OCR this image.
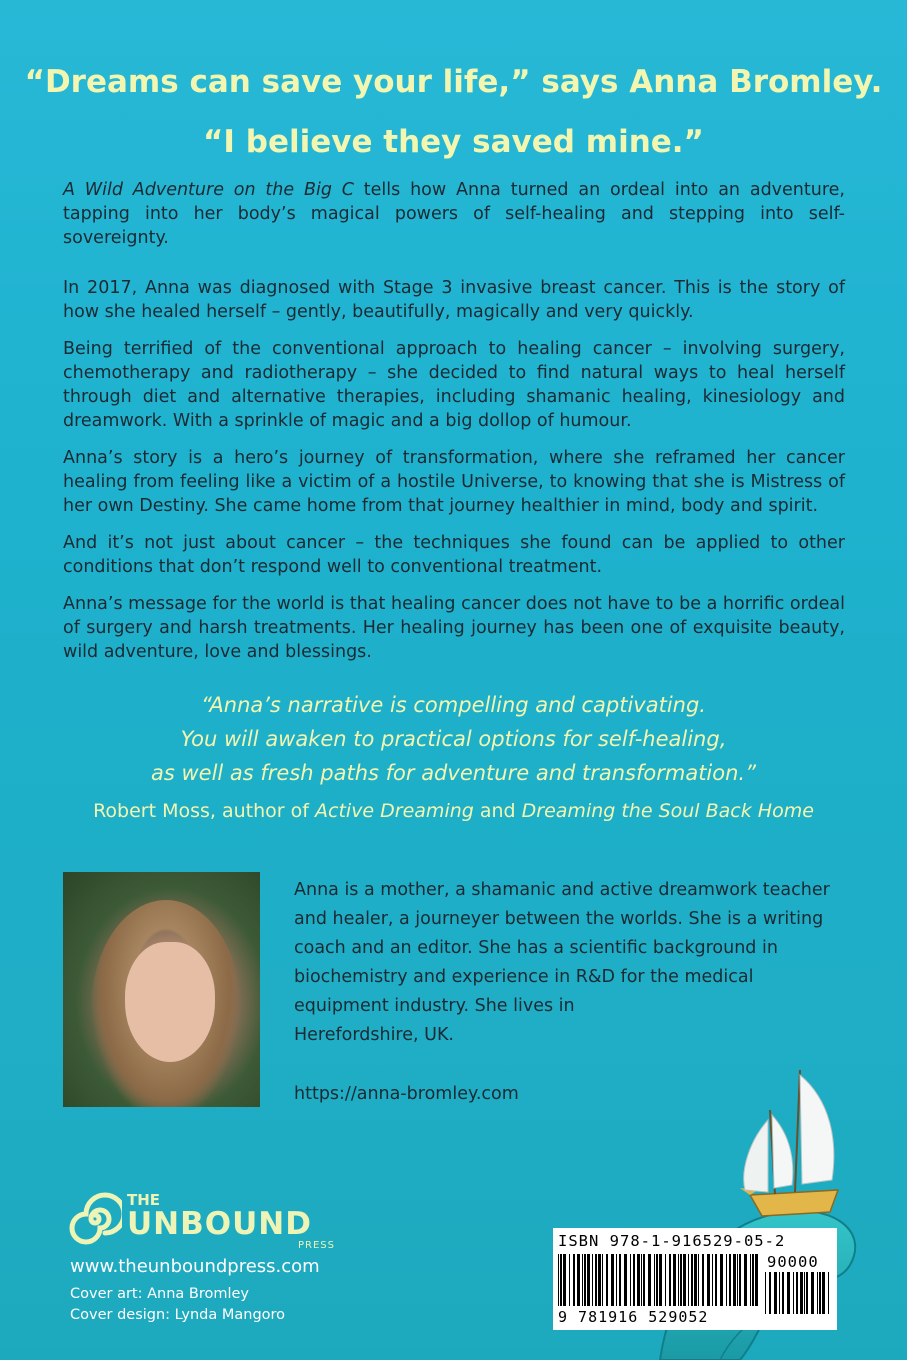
“Dreams can save your life,” says Anna Bromley.
“I believe they saved mine.”

A Wild Adventure on the Big C tells how Anna turned an ordeal into an adventure, tapping into her body’s magical powers of self-healing and stepping into self-sovereignty.

In 2017, Anna was diagnosed with Stage 3 invasive breast cancer. This is the story of how she healed herself – gently, beautifully, magically and very quickly.

Being terrified of the conventional approach to healing cancer – involving surgery, chemotherapy and radiotherapy – she decided to find natural ways to heal herself through diet and alternative therapies, including shamanic healing, kinesiology and dreamwork. With a sprinkle of magic and a big dollop of humour.

Anna’s story is a hero’s journey of transformation, where she reframed her cancer healing from feeling like a victim of a hostile Universe, to knowing that she is Mistress of her own Destiny. She came home from that journey healthier in mind, body and spirit.

And it’s not just about cancer – the techniques she found can be applied to other conditions that don’t respond well to conventional treatment.

Anna’s message for the world is that healing cancer does not have to be a horrific ordeal of surgery and harsh treatments. Her healing journey has been one of exquisite beauty, wild adventure, love and blessings.

“Anna’s narrative is compelling and captivating.
You will awaken to practical options for self-healing,
as well as fresh paths for adventure and transformation.”
Robert Moss, author of Active Dreaming and Dreaming the Soul Back Home

Anna is a mother, a shamanic and active dreamwork teacher

and healer, a journeyer between the worlds. She is a writing

coach and an editor. She has a scientific background in

biochemistry and experience in R&D for the medical

equipment industry. She lives in

Herefordshire, UK.

https://anna-bromley.com
THE
UNBOUND
PRESS
www.theunboundpress.com
Cover art: Anna Bromley
Cover design: Lynda Mangoro
ISBN 978-1-916529-05-2
90000
9 781916 529052
